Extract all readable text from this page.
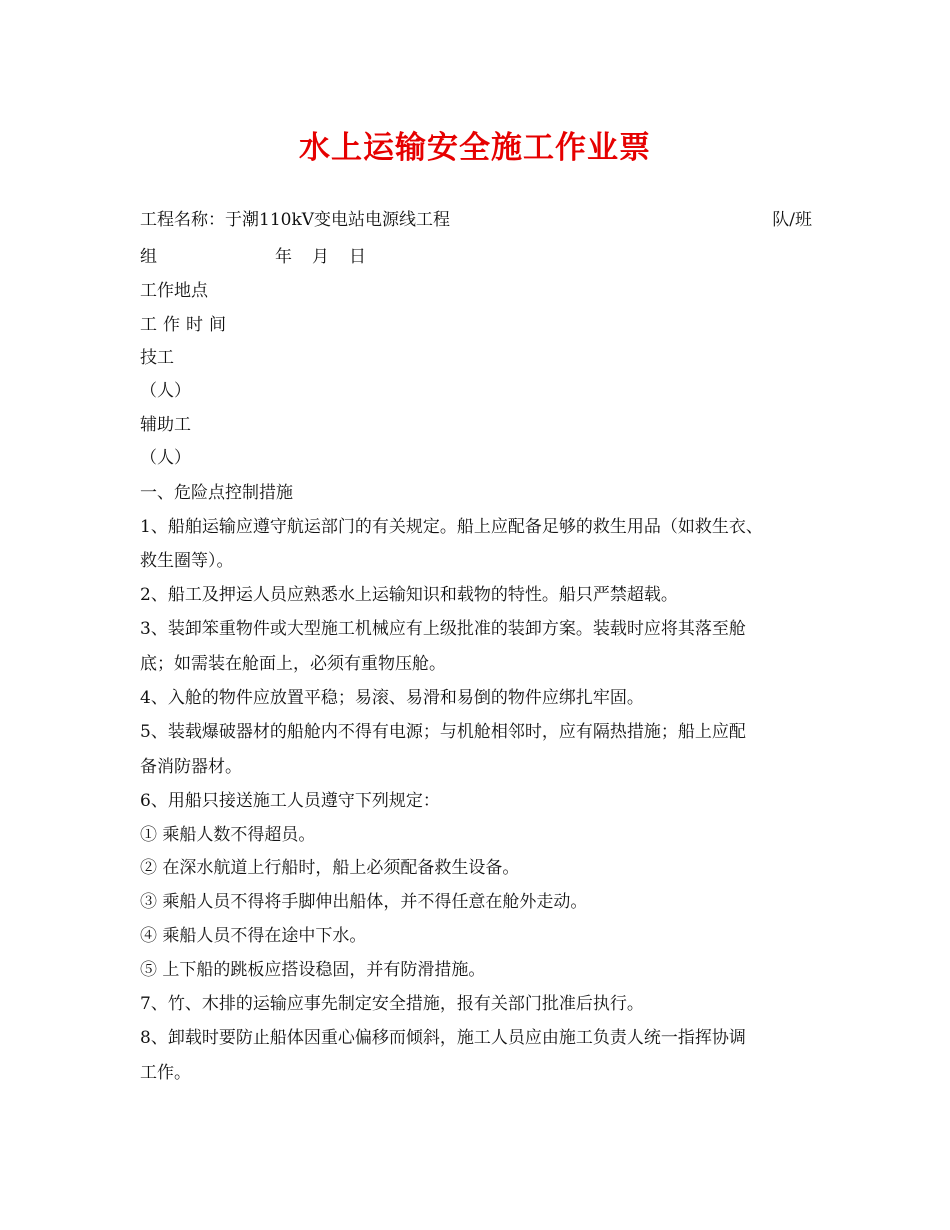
水上运输安全施工作业票
工程名称：于潮110kV变电站电源线工程	队/班
组	年 月 日
工作地点
工作时间
技工
（人）
辅助工
（人）
一、危险点控制措施
1、船舶运输应遵守航运部门的有关规定。船上应配备足够的救生用品（如救生衣、
救生圈等）。
2、船工及押运人员应熟悉水上运输知识和载物的特性。船只严禁超载。
3、装卸笨重物件或大型施工机械应有上级批准的装卸方案。装载时应将其落至舱
底；如需装在舱面上，必须有重物压舱。
4、入舱的物件应放置平稳；易滚、易滑和易倒的物件应绑扎牢固。
5、装载爆破器材的船舱内不得有电源；与机舱相邻时，应有隔热措施；船上应配
备消防器材。
6、用船只接送施工人员遵守下列规定：
① 乘船人数不得超员。
② 在深水航道上行船时，船上必须配备救生设备。
③ 乘船人员不得将手脚伸出船体，并不得任意在舱外走动。
④ 乘船人员不得在途中下水。
⑤ 上下船的跳板应搭设稳固，并有防滑措施。
7、竹、木排的运输应事先制定安全措施，报有关部门批准后执行。
8、卸载时要防止船体因重心偏移而倾斜，施工人员应由施工负责人统一指挥协调
工作。
